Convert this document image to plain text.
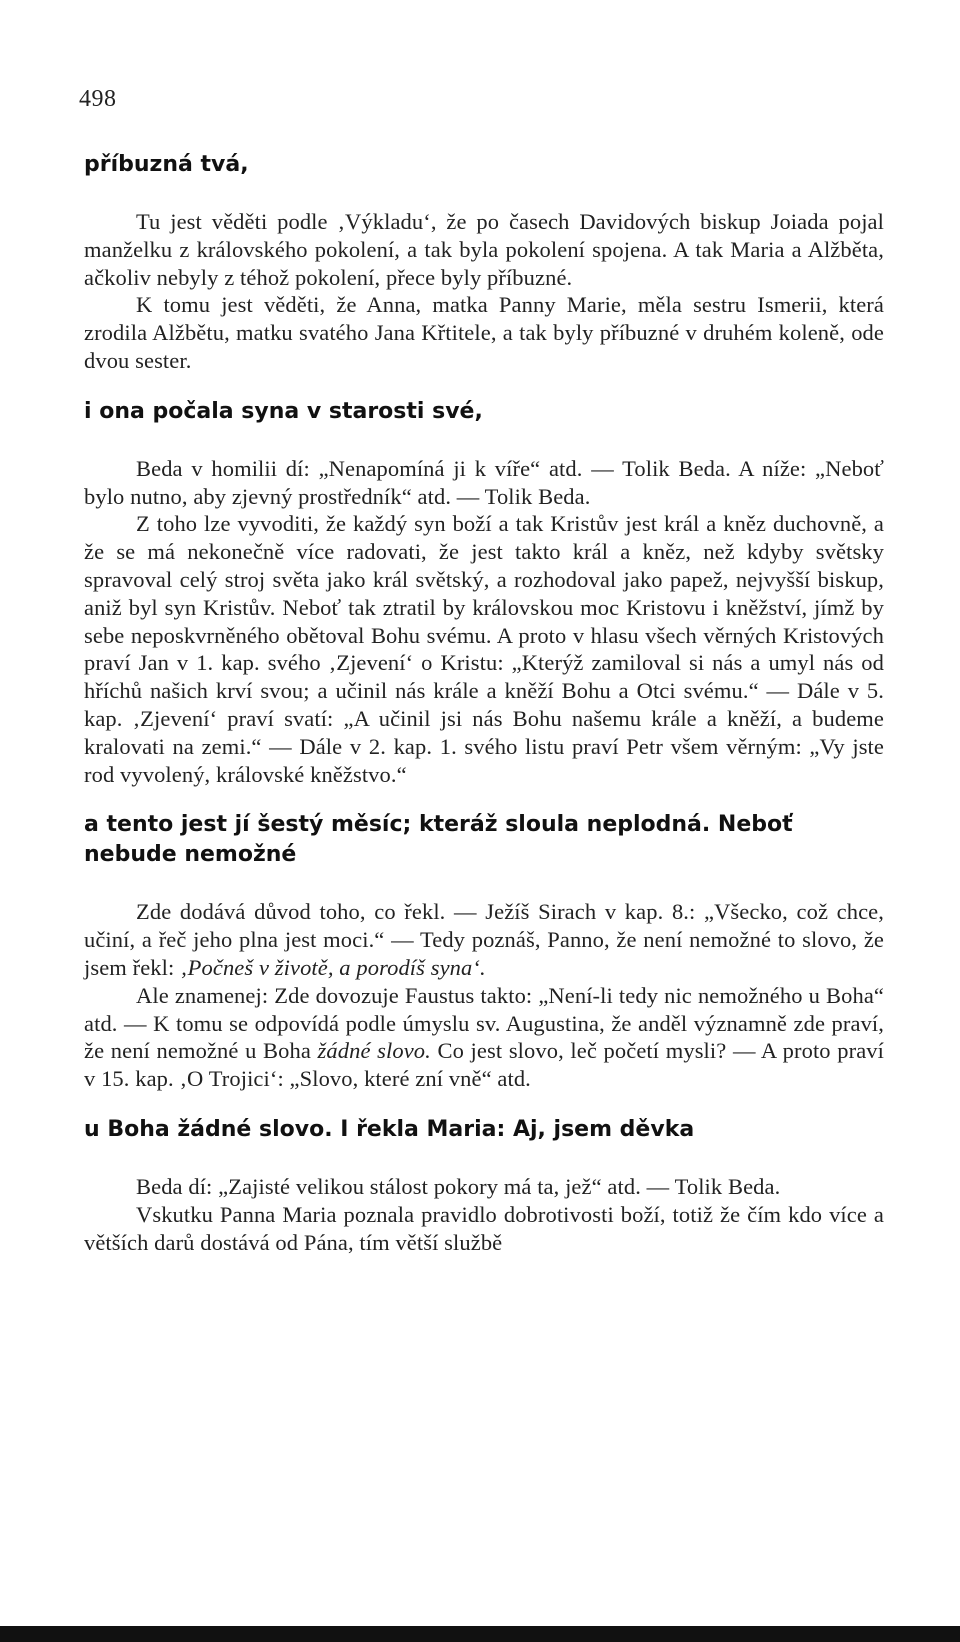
498
příbuzná tvá,

Tu jest věděti podle ‚Výkladu‘, že po časech Davidových biskup Joiada pojal manželku z královského pokolení, a tak byla pokolení spojena. A tak Maria a Alžběta, ačkoliv nebyly z téhož pokolení, přece byly příbuzné.

K tomu jest věděti, že Anna, matka Panny Marie, měla sestru Ismerii, která zrodila Alžbětu, matku svatého Jana Křtitele, a tak byly příbuzné v druhém koleně, ode dvou sester.

i ona počala syna v starosti své,

Beda v homilii dí: „Nenapomíná ji k víře“ atd. — Tolik Beda. A níže: „Neboť bylo nutno, aby zjevný prostředník“ atd. — Tolik Beda.

Z toho lze vyvoditi, že každý syn boží a tak Kristův jest král a kněz duchovně, a že se má nekonečně více radovati, že jest takto král a kněz, než kdyby světsky spravoval celý stroj světa jako král světský, a rozhodoval jako papež, nejvyšší biskup, aniž byl syn Kristův. Neboť tak ztratil by královskou moc Kristovu i kněžství, jímž by sebe neposkvrněného obětoval Bohu svému. A proto v hlasu všech věrných Kristových praví Jan v 1. kap. svého ‚Zjevení‘ o Kristu: „Kterýž zamiloval si nás a umyl nás od hříchů našich krví svou; a učinil nás krále a kněží Bohu a Otci svému.“ — Dále v 5. kap. ‚Zjevení‘ praví svatí: „A učinil jsi nás Bohu našemu krále a kněží, a budeme kralovati na zemi.“ — Dále v 2. kap. 1. svého listu praví Petr všem věrným: „Vy jste rod vyvolený, královské kněžstvo.“

a tento jest jí šestý měsíc; kteráž sloula neplodná. Neboť nebude nemožné

Zde dodává důvod toho, co řekl. — Ježíš Sirach v kap. 8.: „Všecko, což chce, učiní, a řeč jeho plna jest moci.“ — Tedy poznáš, Panno, že není nemožné to slovo, že jsem řekl: ‚Počneš v životě, a porodíš syna‘.

Ale znamenej: Zde dovozuje Faustus takto: „Není-li tedy nic nemožného u Boha“ atd. — K tomu se odpovídá podle úmyslu sv. Augustina, že anděl významně zde praví, že není nemožné u Boha žádné slovo. Co jest slovo, leč početí mysli? — A proto praví v 15. kap. ‚O Trojici‘: „Slovo, které zní vně“ atd.

u Boha žádné slovo. I řekla Maria: Aj, jsem děvka

Beda dí: „Zajisté velikou stálost pokory má ta, jež“ atd. — Tolik Beda.

Vskutku Panna Maria poznala pravidlo dobrotivosti boží, totiž že čím kdo více a větších darů dostává od Pána, tím větší službě
